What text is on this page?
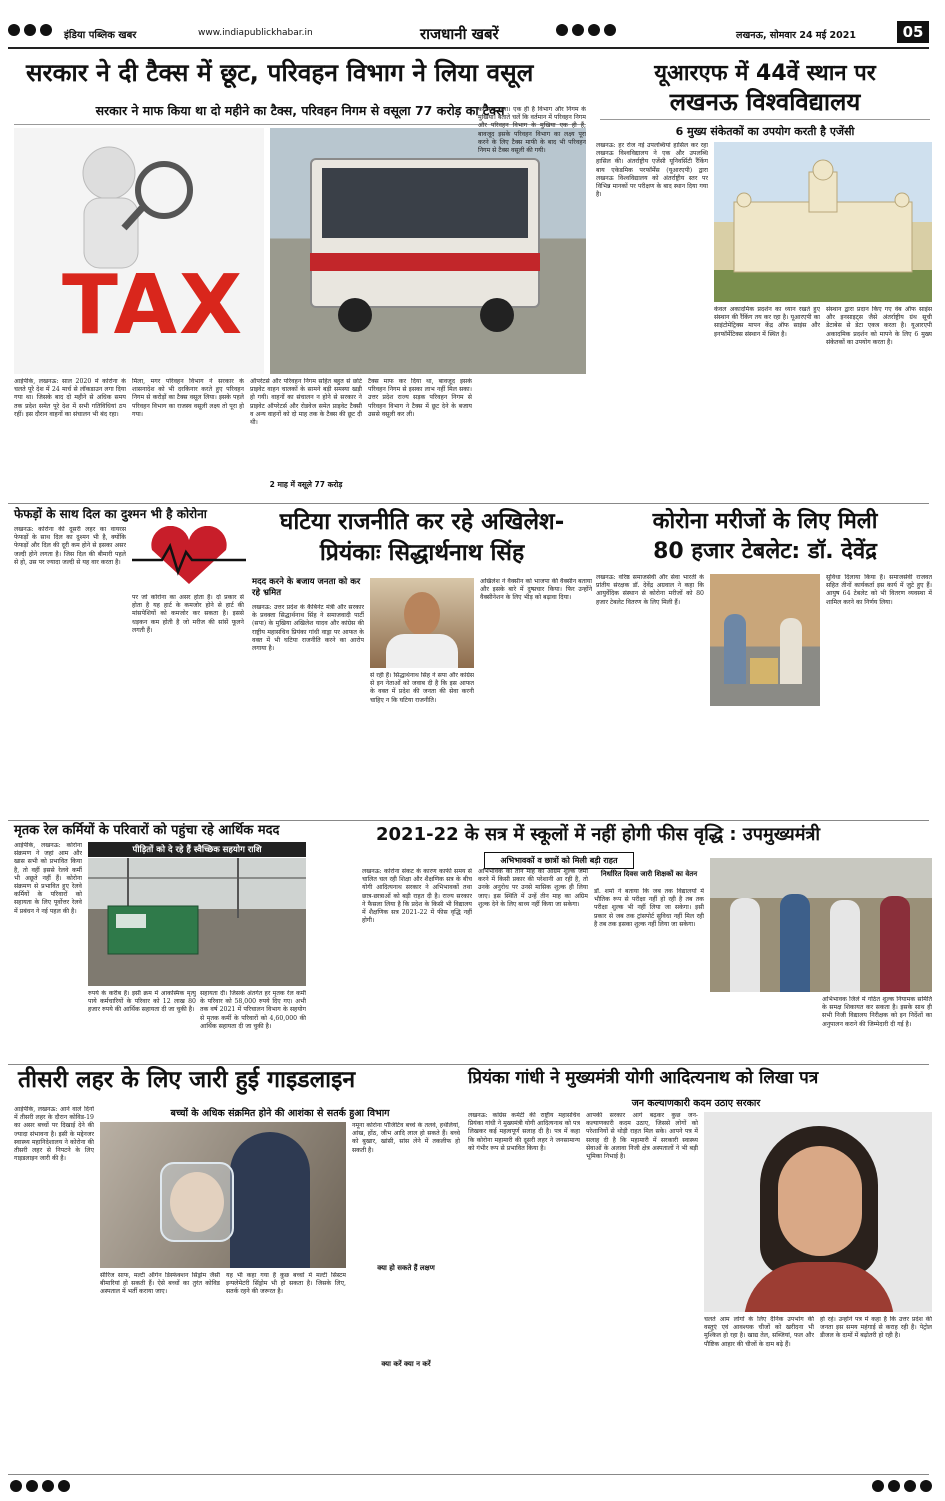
इंडिया पब्लिक खबर	www.indiapublickhabar.in	राजधानी खबरें	लखनऊ, सोमवार 24 मई 2021	05
सरकार ने दी टैक्स में छूट, परिवहन विभाग ने लिया वसूल
सरकार ने माफ किया था दो महीने का टैक्स, परिवहन निगम से वसूला 77 करोड़ का टैक्स
TAX
आईपीके, लखनऊ: साल 2020 में कोरोना के चलते पूरे देश में 24 मार्च से लॉकडाउन लगा दिया गया था। जिसके बाद दो महीने से अधिक समय तक प्रदेश समेत पूरे देश में सभी गतिविधियां ठप रहीं। इस दौरान वाहनों का संचालन भी बंद रहा।
मिला, मगर परिवहन विभाग ने सरकार के शासनादेश को भी दरकिनार करते हुए परिवहन निगम से करोड़ों का टैक्स वसूल लिया। इसके पहले परिवहन विभाग का राजस्व वसूली लक्ष्य तो पूरा हो गया।
ऑपरेटर्स और परिवहन निगम सहित बहुत से छोटे प्राइवेट वाहन चालकों के सामने बड़ी समस्या खड़ी हो गयी। वाहनों का संचालन न होने से सरकार ने प्राइवेट ऑपरेटर्स और रोडवेज समेत प्राइवेट टैक्सी व अन्य वाहनों को दो माह तक के टैक्स की छूट दी थी।
2 माह में वसूले 77 करोड़
टैक्स माफ कर दिया था, बावजूद इसके परिवहन निगम से इसका लाभ नहीं मिल सका। उत्तर प्रदेश राज्य सड़क परिवहन निगम से परिवहन विभाग ने टैक्स में छूट देने के बजाय उससे वसूली कर ली।
को पता चला। एक ही है विभाग और निगम के मुखिया। बताते चलें कि वर्तमान में परिवहन निगम और परिवहन विभाग के मुखिया एक ही हैं, बावजूद इसके परिवहन विभाग का लक्ष्य पूरा करने के लिए टैक्स माफी के बाद भी परिवहन निगम से टैक्स वसूली की गयी।
यूआरएफ में 44वें स्थान पर
लखनऊ विश्वविद्यालय
6 मुख्य संकेतकों का उपयोग करती है एजेंसी
लखनऊ: हर रोज नई उपलब्धियां हासिल कर रहा लखनऊ विश्वविद्यालय ने एक और उपलब्धि हासिल की। अंतर्राष्ट्रीय एजेंसी यूनिवर्सिटी रैंकिंग बाय एकेडमिक परफॉर्मेंस (यूआरएपी) द्वारा लखनऊ विश्वविद्यालय को अंतर्राष्ट्रीय स्तर पर विभिन्न मानकों पर परीक्षण के बाद स्थान दिया गया है।
केवल अकादमिक प्रदर्शन का ध्यान रखते हुए संस्थान की रैंकिंग तय कर रहा है। यूआरएपी का साइंटोमेट्रिक्स मापन केंद्र ऑफ साइंस और इनफॉर्मेटिक्स संस्थान में स्थित है।
संस्थान द्वारा प्रदान किए गए वेब ऑफ साइंस और इनसाइट्स जैसे अंतर्राष्ट्रीय ग्रंथ सूची डेटाबेस से डेटा एकत्र करता है। यूआरएपी अकादमिक प्रदर्शन को मापने के लिए 6 मुख्य संकेतकों का उपयोग करता है।
फेफड़ों के साथ दिल का दुश्मन भी है कोरोना
लखनऊ: कोरोना की दूसरी लहर का वायरस फेफड़ों के साथ दिल का दुश्मन भी है, क्योंकि फेफड़ों और दिल की दूरी कम होने से इसका असर जल्दी होने लगता है। जिस दिल की बीमारी पहले से हो, उस पर ज्यादा जल्दी से यह वार करता है।
पर जो कोरोना का असर होता है। दो प्रकार से होता है यह हार्ट के कमजोर होने से हार्ट की मांसपेशियों को कमजोर कर सकता है। इससे धड़कन कम होती है जो मरीज की सांसें फूलने लगती हैं।
घटिया राजनीति कर रहे अखिलेश-
प्रियंकाः सिद्धार्थनाथ सिंह
मदद करने के बजाय जनता को कर रहे भ्रमित
लखनऊ: उत्तर प्रदेश के कैबिनेट मंत्री और सरकार के प्रवक्ता सिद्धार्थनाथ सिंह ने समाजवादी पार्टी (सपा) के मुखिया अखिलेश यादव और कांग्रेस की राष्ट्रीय महासचिव प्रियंका गांधी वाड्रा पर आफत के वक्त में भी घटिया राजनीति करने का आरोप लगाया है।
से रही हैं। सिद्धार्थनाथ सिंह ने सपा और कांग्रेस से इन नेताओं को जवाब दी है कि इस आफत के वक्त में प्रदेश की जनता की सेवा करनी चाहिए न कि घटिया राजनीति।
अखिलेश ने वैक्सीन को भाजपा की वैक्सीन बताया और इसके बारे में दुष्प्रचार किया। फिर उन्होंने वैक्सीनेशन के लिए भीड़ को बढ़ावा दिया।
कोरोना मरीजों के लिए मिली
80 हजार टेबलेट: डॉ. देवेंद्र
लखनऊ: वरिष्ठ समाजसेवी और सेवा भारती के प्रांतीय संरक्षक डॉ. देवेंद्र अग्रवाल ने कहा कि आयुर्वेदिक संस्थान से कोरोना मरीजों को 80 हजार टेबलेट वितरण के लिए मिली हैं।
सुविधा दिलाया किया है। समाजसेवी राजवत सहित तीनों कार्यकर्ता इस कार्य में जुटे हुए हैं। आयुष 64 टेबलेट को भी वितरण व्यवस्था में शामिल करने का निर्णय लिया।
मृतक रेल कर्मियों के परिवारों को पहुंचा रहे आर्थिक मदद
पीड़ितों को दे रहे हैं स्वैच्छिक सहयोग राशि
आईपीके, लखनऊ: कोरोना संक्रमण ने जहां आम और खास सभी को प्रभावित किया है, तो वहीं इससे रेलवे कर्मी भी अछूते नहीं हैं। कोरोना संक्रमण से प्रभावित हुए रेलवे कर्मियों के परिवारों को सहायता के लिए पूर्वोत्तर रेलवे में प्रबंधन ने नई पहल की है।
रुपये के करीब है। इसी क्रम में आकस्मिक मृत्यु पाये कर्मचारियों के परिवार को 12 लाख 80 हजार रुपये की आर्थिक सहायता दी जा चुकी है।
सहायता दी। जिसके अंतर्गत हर मृतक रेल कर्मी के परिवार को 58,000 रुपये दिए गए। अभी तक वर्ष 2021 में परिचालन विभाग के सहयोग से मृतक कर्मी के परिवारों को 4,60,000 की आर्थिक सहायता दी जा चुकी है।
2021-22 के सत्र में स्कूलों में नहीं होगी फीस वृद्धि : उपमुख्यमंत्री
अभिभावकों व छात्रों को मिली बड़ी राहत
लखनऊ: कोरोना संकट के कारण काफी समय से चालित चल रही शिक्षा और शैक्षणिक सत्र के बीच योगी आदित्यनाथ सरकार ने अभिभावकों तथा छात्र-छात्राओं को बड़ी राहत दी है। राज्य सरकार ने फैसला लिया है कि प्रदेश के किसी भी विद्यालय में शैक्षणिक सत्र 2021-22 में फीस वृद्धि नहीं होगी।
अभिभावक की तीन माह का अग्रिम शुल्क जमा करने में किसी प्रकार की परेशानी आ रही है, तो उनके अनुरोध पर उनसे मासिक शुल्क ही लिया जाए। इस स्थिति में उन्हें तीन माह का अग्रिम शुल्क देने के लिए बाध्य नहीं किया जा सकेगा।
निर्धारित दिवस जारी शिक्षकों का वेतन
डॉ. शर्मा ने बताया कि जब तक विद्यालयों में भौतिक रूप से परीक्षा नहीं हो रही है तब तक परीक्षा शुल्क भी नहीं लिया जा सकेगा। इसी प्रकार से जब तक ट्रांसपोर्ट सुविधा नहीं मिल रही है तब तक इसका शुल्क नहीं लिया जा सकेगा।
अभिभावक जिले में गठित शुल्क नियामक समिति के समक्ष शिकायत कर सकता है। इसके साथ ही सभी निजी विद्यालय निरीक्षक को इन निर्देशों का अनुपालन कराने की जिम्मेदारी दी गई है।
तीसरी लहर के लिए जारी हुई गाइडलाइन
बच्चों के अधिक संक्रमित होने की आशंका से सतर्क हुआ विभाग
आईपीके, लखनऊ: आने वाले दिनों में तीसरी लहर के दौरान कोविड-19 का असर बच्चों पर दिखाई देने की ज्यादा संभावना है। इसी के मद्देनजर स्वास्थ्य महानिदेशालय ने कोरोना की तीसरी लहर से निपटने के लिए गाइडलाइन जारी की है।
सीरिंज साफ, मल्टी ऑर्गन डिस्फंक्शन सिंड्रोम जैसी बीमारियां हो सकती हैं। ऐसे बच्चों का तुरंत कोविड अस्पताल में भर्ती कराया जाए।
यह भी कहा गया है कुछ बच्चों में मल्टी सिस्टम इन्फ्लेमेटरी सिंड्रोम भी हो सकता है। जिसके लिए, सतर्क रहने की जरूरत है।
नमूना कोरोना पॉजिटिव बच्चे के तलवे, हथेलियां, आंख, होंठ, जीभ आदि लाल हो सकते हैं। बच्चे को बुखार, खांसी, सांस लेने में तकलीफ हो सकती है।
क्या हो सकते हैं लक्षण
क्या करें क्या न करें
प्रियंका गांधी ने मुख्यमंत्री योगी आदित्यनाथ को लिखा पत्र
जन कल्याणकारी कदम उठाए सरकार
लखनऊ: कांग्रेस कमेटी की राष्ट्रीय महासचिव प्रियंका गांधी ने मुख्यमंत्री योगी आदित्यनाथ को पत्र लिखकर कई महत्वपूर्ण सलाह दी है। पत्र में कहा कि कोरोना महामारी की दूसरी लहर ने जनसामान्य को गंभीर रूप से प्रभावित किया है।
आपकी सरकार आगे बढ़कर कुछ जन-कल्याणकारी कदम उठाए, जिससे लोगों को परेशानियों से थोड़ी राहत मिल सके। आपने पत्र में सलाह दी है कि महामारी में सरकारी स्वास्थ्य सेवाओं के अलावा निजी क्षेत्र अस्पतालों ने भी बड़ी भूमिका निभाई है।
चलते आम लोगों के लिए दैनिक उपभोग की वस्तुएं एवं आवश्यक चीजों को खरीदना भी मुश्किल हो रहा है। खाद्य तेल, सब्जियां, फल और पौष्टिक आहार की चीजों के दाम बढ़े हैं।
हो रहे। उन्होंने पत्र में कहा है कि उत्तर प्रदेश की जनता इस समय महंगाई से कराह रही है। पेट्रोल डीजल के दामों में बढ़ोतरी हो रही है।
